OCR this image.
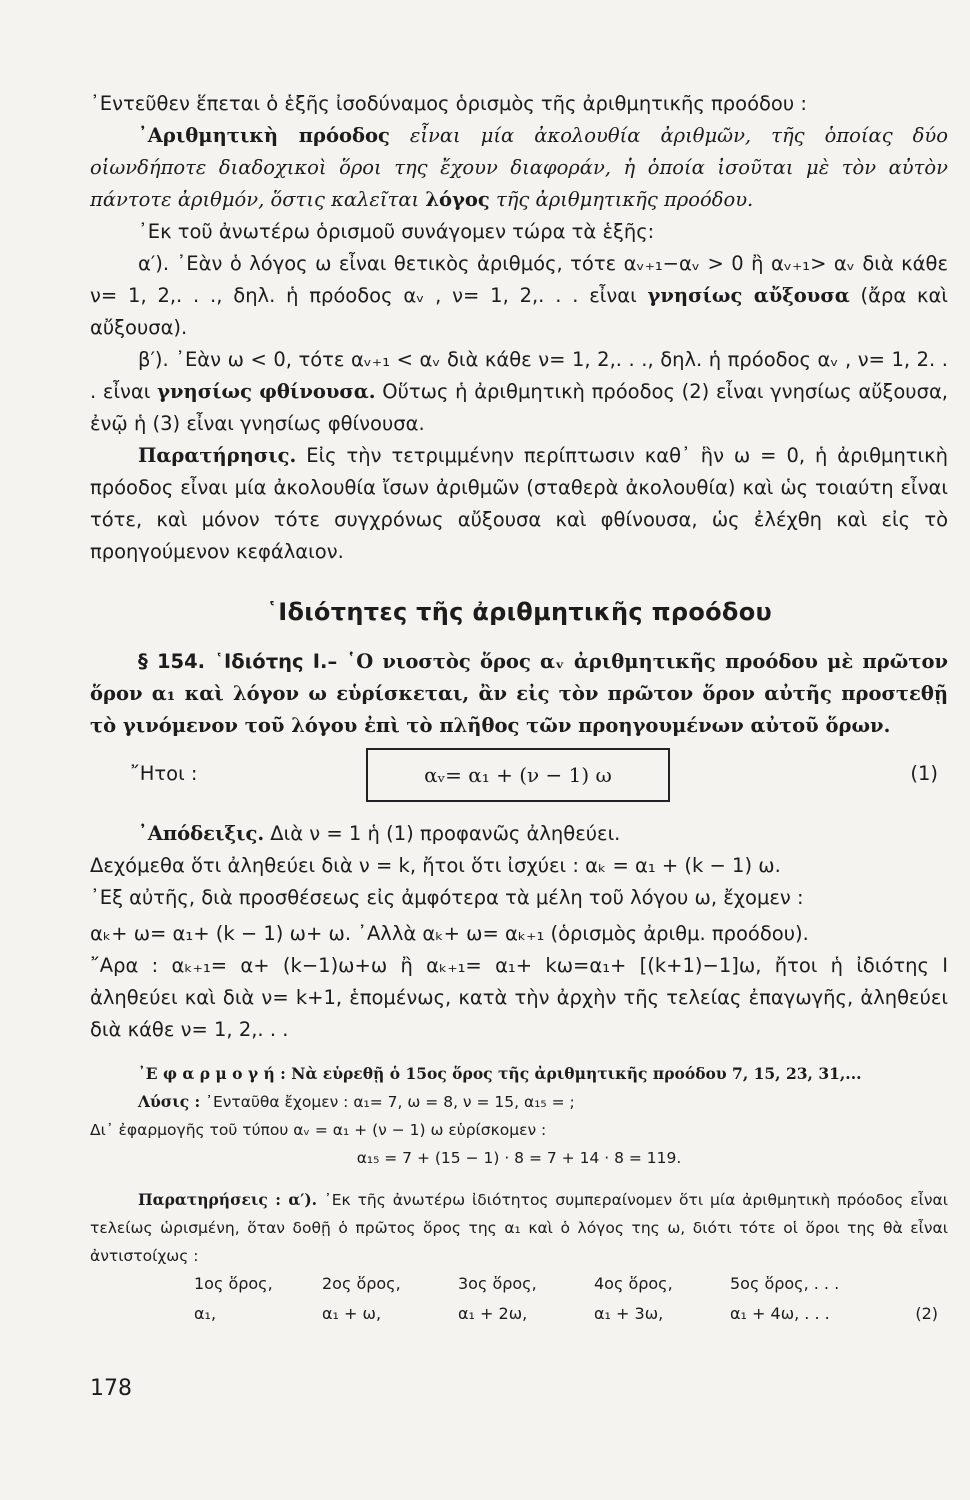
᾿Εντεῦθεν ἕπεται ὁ ἑξῆς ἰσοδύναμος ὁρισμὸς τῆς ἀριθμητικῆς προόδου :

᾿Αριθμητικὴ πρόοδος εἶναι μία ἀκολουθία ἀριθμῶν, τῆς ὁποίας δύο οἱωνδήποτε διαδοχικοὶ ὅροι της ἔχουν διαφοράν, ἡ ὁποία ἰσοῦται μὲ τὸν αὐτὸν πάντοτε ἀριθμόν, ὅστις καλεῖται λόγος τῆς ἀριθμητικῆς προόδου.

᾿Εκ τοῦ ἀνωτέρω ὁρισμοῦ συνάγομεν τώρα τὰ ἑξῆς:

α′). ᾿Εὰν ὁ λόγος ω εἶναι θετικὸς ἀριθμός, τότε αᵥ₊₁−αᵥ > 0 ἢ αᵥ₊₁> αᵥ διὰ κάθε ν= 1, 2,. . ., δηλ. ἡ πρόοδος αᵥ , ν= 1, 2,. . . εἶναι γνησίως αὔξουσα (ἄρα καὶ αὔξουσα).

β′). ᾿Εὰν ω < 0, τότε αᵥ₊₁ < αᵥ διὰ κάθε ν= 1, 2,. . ., δηλ. ἡ πρόοδος αᵥ , ν= 1, 2. . . εἶναι γνησίως φθίνουσα. Οὕτως ἡ ἀριθμητικὴ πρόοδος (2) εἶναι γνησίως αὔξουσα, ἐνῷ ἡ (3) εἶναι γνησίως φθίνουσα.

Παρατήρησις. Εἰς τὴν τετριμμένην περίπτωσιν καθ᾿ ἣν ω = 0, ἡ ἀριθμητικὴ πρόοδος εἶναι μία ἀκολουθία ἴσων ἀριθμῶν (σταθερὰ ἀκολουθία) καὶ ὡς τοιαύτη εἶναι τότε, καὶ μόνον τότε συγχρόνως αὔξουσα καὶ φθίνουσα, ὡς ἐλέχθη καὶ εἰς τὸ προηγούμενον κεφάλαιον.

῾Ιδιότητες τῆς ἀριθμητικῆς προόδου

§ 154. ῾Ιδιότης Ι.– ῾Ο νιοστὸς ὅρος αᵥ ἀριθμητικῆς προόδου μὲ πρῶτον ὅρον α₁ καὶ λόγον ω εὑρίσκεται, ἂν εἰς τὸν πρῶτον ὅρον αὐτῆς προστεθῇ τὸ γινόμενον τοῦ λόγου ἐπὶ τὸ πλῆθος τῶν προηγουμένων αὐτοῦ ὅρων.

῎Ητοι :	αᵥ= α₁ + (ν − 1) ω	(1)

᾿Απόδειξις. Διὰ ν = 1 ἡ (1) προφανῶς ἀληθεύει.

Δεχόμεθα ὅτι ἀληθεύει διὰ ν = k, ἤτοι ὅτι ἰσχύει : αₖ = α₁ + (k − 1) ω.

᾿Εξ αὐτῆς, διὰ προσθέσεως εἰς ἀμφότερα τὰ μέλη τοῦ λόγου ω, ἔχομεν :

αₖ+ ω= α₁+ (k − 1) ω+ ω. ᾿Αλλὰ αₖ+ ω= αₖ₊₁ (ὁρισμὸς ἀριθμ. προόδου).

῎Αρα : αₖ₊₁= α+ (k−1)ω+ω ἢ αₖ₊₁= α₁+ kω=α₁+ [(k+1)−1]ω, ἤτοι ἡ ἰδιότης Ι ἀληθεύει καὶ διὰ ν= k+1, ἑπομένως, κατὰ τὴν ἀρχὴν τῆς τελείας ἐπαγωγῆς, ἀληθεύει διὰ κάθε ν= 1, 2,. . .

᾿Ε φ α ρ μ ο γ ή : Νὰ εὑρεθῇ ὁ 15ος ὅρος τῆς ἀριθμητικῆς προόδου 7, 15, 23, 31,...

Λύσις : ᾿Ενταῦθα ἔχομεν : α₁= 7, ω = 8, ν = 15, α₁₅ = ;

Δι᾿ ἐφαρμογῆς τοῦ τύπου αᵥ = α₁ + (ν − 1) ω εὑρίσκομεν :

α₁₅ = 7 + (15 − 1) · 8 = 7 + 14 · 8 = 119.

Παρατηρήσεις : α′). ᾿Εκ τῆς ἀνωτέρω ἰδιότητος συμπεραίνομεν ὅτι μία ἀριθμητικὴ πρόοδος εἶναι τελείως ὡρισμένη, ὅταν δοθῇ ὁ πρῶτος ὅρος της α₁ καὶ ὁ λόγος της ω, διότι τότε οἱ ὅροι της θὰ εἶναι ἀντιστοίχως :

1ος ὅρος,	2ος ὅρος,	3ος ὅρος,	4ος ὅρος,	5ος ὅρος, . . .
α₁,	α₁ + ω,	α₁ + 2ω,	α₁ + 3ω,	α₁ + 4ω, . . .	(2)
178
